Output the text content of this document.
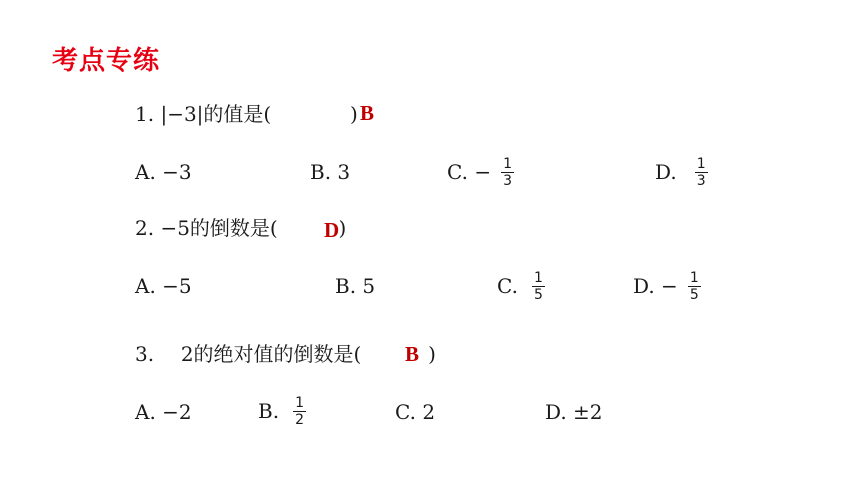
考点专练
1. |−3|的值是(	) B
A.
−3	B.
3	C.
− $\frac{1}{3}$	D. $\frac{1}{3}$
2. −5的倒数是(	)
D
A.
−5	B.
5	C. $\frac{1}{5}$	D.
− $\frac{1}{5}$
3. 2的绝对值的倒数是(	)
B
A.
−2	B. $\frac{1}{2}$	C.
2	D.
±2
